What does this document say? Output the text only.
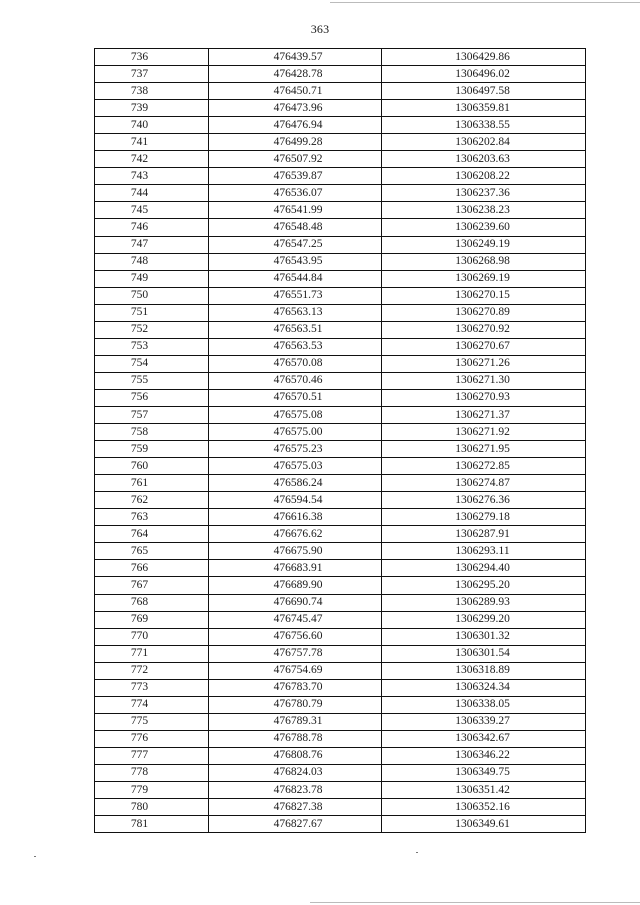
363
736	476439.57	1306429.86
737	476428.78	1306496.02
738	476450.71	1306497.58
739	476473.96	1306359.81
740	476476.94	1306338.55
741	476499.28	1306202.84
742	476507.92	1306203.63
743	476539.87	1306208.22
744	476536.07	1306237.36
745	476541.99	1306238.23
746	476548.48	1306239.60
747	476547.25	1306249.19
748	476543.95	1306268.98
749	476544.84	1306269.19
750	476551.73	1306270.15
751	476563.13	1306270.89
752	476563.51	1306270.92
753	476563.53	1306270.67
754	476570.08	1306271.26
755	476570.46	1306271.30
756	476570.51	1306270.93
757	476575.08	1306271.37
758	476575.00	1306271.92
759	476575.23	1306271.95
760	476575.03	1306272.85
761	476586.24	1306274.87
762	476594.54	1306276.36
763	476616.38	1306279.18
764	476676.62	1306287.91
765	476675.90	1306293.11
766	476683.91	1306294.40
767	476689.90	1306295.20
768	476690.74	1306289.93
769	476745.47	1306299.20
770	476756.60	1306301.32
771	476757.78	1306301.54
772	476754.69	1306318.89
773	476783.70	1306324.34
774	476780.79	1306338.05
775	476789.31	1306339.27
776	476788.78	1306342.67
777	476808.76	1306346.22
778	476824.03	1306349.75
779	476823.78	1306351.42
780	476827.38	1306352.16
781	476827.67	1306349.61
